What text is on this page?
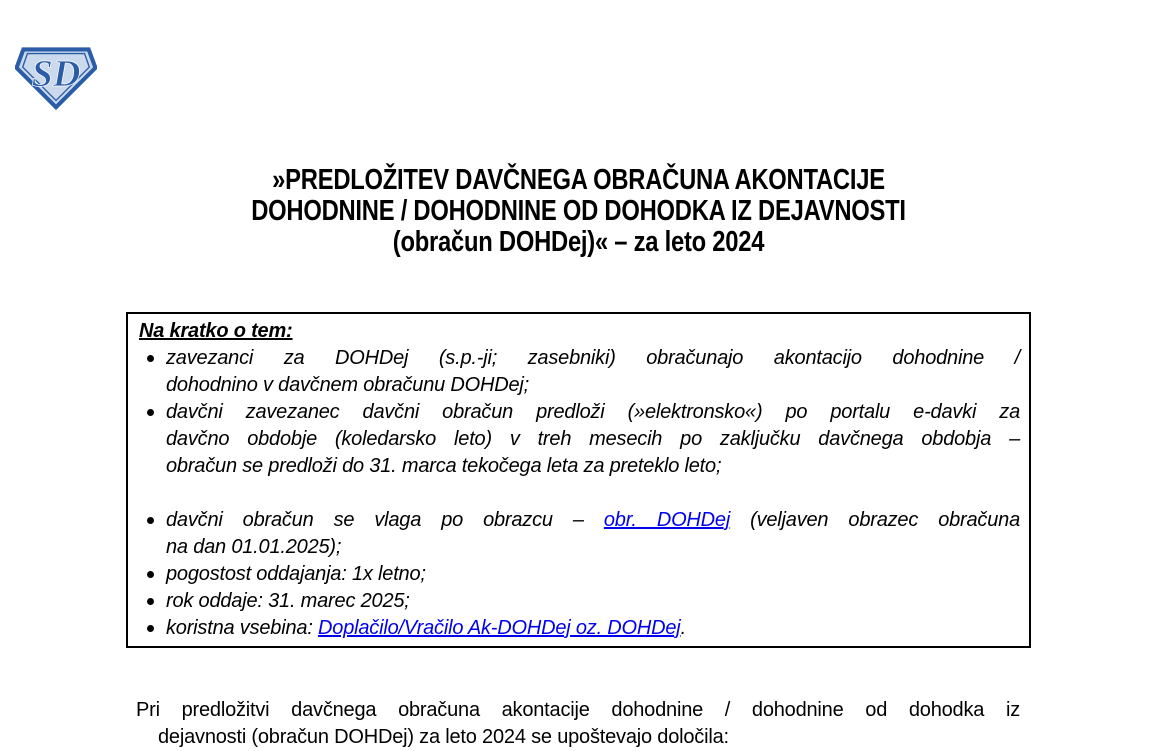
SD
»PREDLOŽITEV DAVČNEGA OBRAČUNA AKONTACIJE
DOHODNINE / DOHODNINE OD DOHODKA IZ DEJAVNOSTI
(obračun DOHDej)« – za leto 2024
Na kratko o tem:
zavezanci za DOHDej (s.p.-ji; zasebniki) obračunajo akontacijo dohodnine /
dohodnino v davčnem obračunu DOHDej;
davčni zavezanec davčni obračun predloži (»elektronsko«) po portalu e-davki za
davčno obdobje (koledarsko leto) v treh mesecih po zaključku davčnega obdobja –
obračun se predloži do 31. marca tekočega leta za preteklo leto;
davčni obračun se vlaga po obrazcu – obr. DOHDej (veljaven obrazec obračuna
na dan 01.01.2025);
pogostost oddajanja: 1x letno;
rok oddaje: 31. marec 2025;
koristna vsebina: Doplačilo/Vračilo Ak-DOHDej oz. DOHDej.
Pri predložitvi davčnega obračuna akontacije dohodnine / dohodnine od dohodka iz
dejavnosti (obračun DOHDej) za leto 2024 se upoštevajo določila:
